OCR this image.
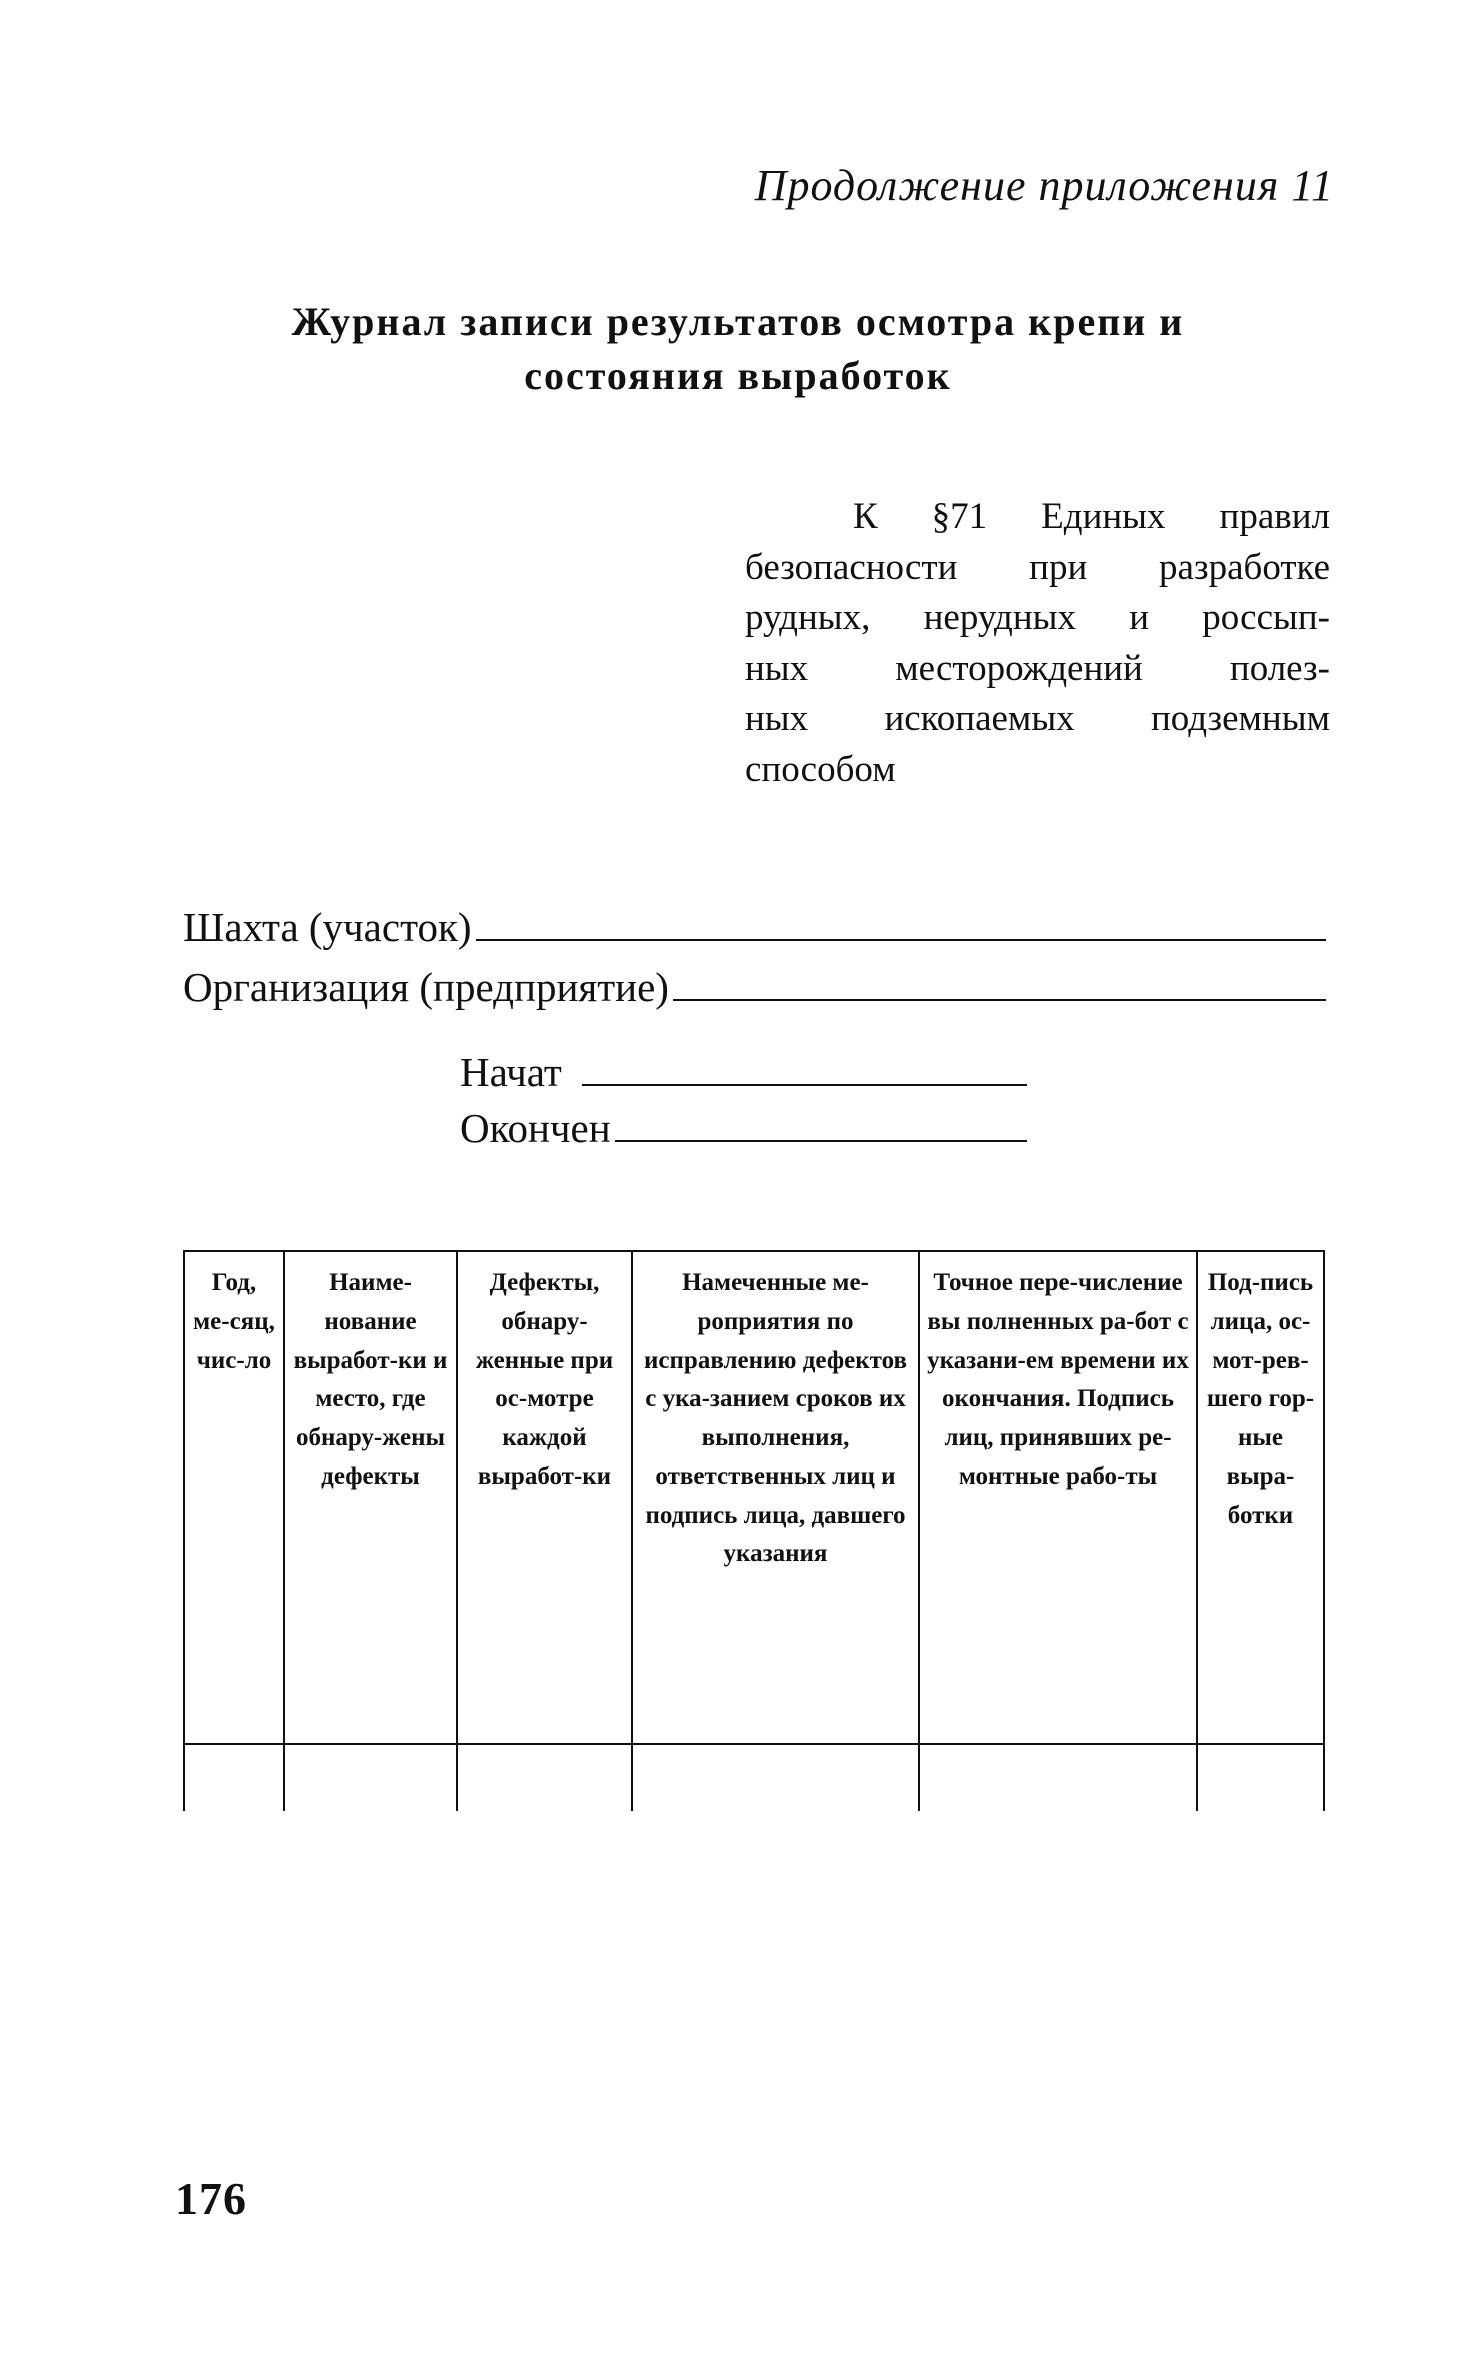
Продолжение приложения 11
Журнал записи результатов осмотра крепи и
состояния выработок
К §71 Единых правил
безопасности при разработке
рудных, нерудных и россып-
ных месторождений полез-
ных ископаемых подземным
способом
Шахта (участок)
Организация (предприятие)
Начат
Окончен
Год, ме-сяц, чис-ло	Наиме-нование выработ-ки и место, где обнару-жены дефекты	Дефекты, обнару-женные при ос-мотре каждой выработ-ки	Намеченные ме-роприятия по исправлению дефектов с ука-занием сроков их выполнения, ответственных лиц и подпись лица, давшего указания	Точное пере-числение вы полненных ра-бот с указани-ем времени их окончания. Подпись лиц, принявших ре-монтные рабо-ты	Под-пись лица, ос-мот-рев-шего гор-ные выра-ботки

176
